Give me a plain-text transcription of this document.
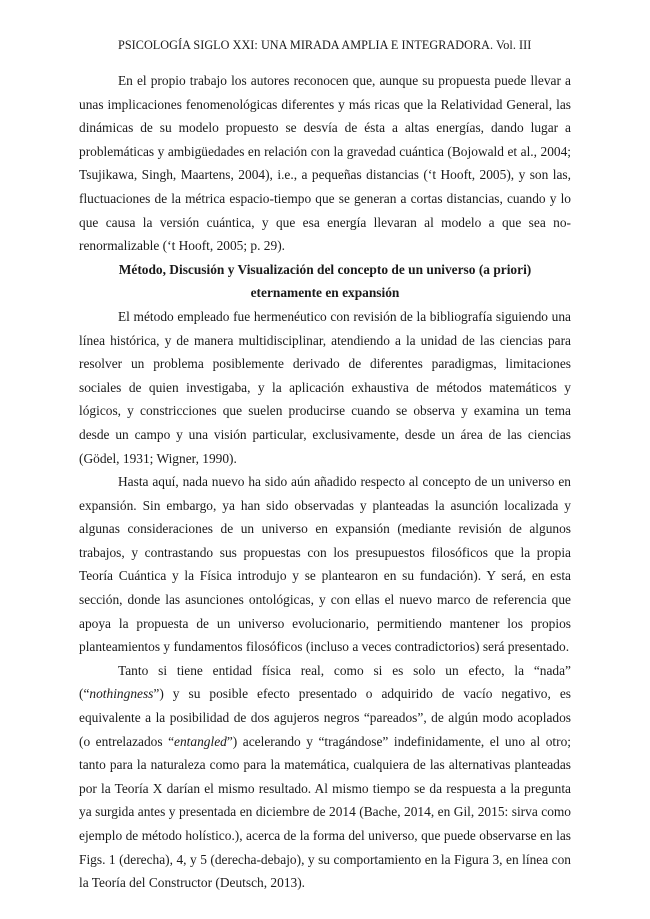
PSICOLOGÍA SIGLO XXI: UNA MIRADA AMPLIA E INTEGRADORA. Vol. III

En el propio trabajo los autores reconocen que, aunque su propuesta puede llevar a unas implicaciones fenomenológicas diferentes y más ricas que la Relatividad General, las dinámicas de su modelo propuesto se desvía de ésta a altas energías, dando lugar a problemáticas y ambigüedades en relación con la gravedad cuántica (Bojowald et al., 2004; Tsujikawa, Singh, Maartens, 2004), i.e., a pequeñas distancias (‘t Hooft, 2005), y son las, fluctuaciones de la métrica espacio-tiempo que se generan a cortas distancias, cuando y lo que causa la versión cuántica, y que esa energía llevaran al modelo a que sea no-renormalizable (‘t Hooft, 2005; p. 29).

Método, Discusión y Visualización del concepto de un universo (a priori)
eternamente en expansión

El método empleado fue hermenéutico con revisión de la bibliografía siguiendo una línea histórica, y de manera multidisciplinar, atendiendo a la unidad de las ciencias para resolver un problema posiblemente derivado de diferentes paradigmas, limitaciones sociales de quien investigaba, y la aplicación exhaustiva de métodos matemáticos y lógicos, y constricciones que suelen producirse cuando se observa y examina un tema desde un campo y una visión particular, exclusivamente, desde un área de las ciencias (Gödel, 1931; Wigner, 1990).

Hasta aquí, nada nuevo ha sido aún añadido respecto al concepto de un universo en expansión. Sin embargo, ya han sido observadas y planteadas la asunción localizada y algunas consideraciones de un universo en expansión (mediante revisión de algunos trabajos, y contrastando sus propuestas con los presupuestos filosóficos que la propia Teoría Cuántica y la Física introdujo y se plantearon en su fundación). Y será, en esta sección, donde las asunciones ontológicas, y con ellas el nuevo marco de referencia que apoya la propuesta de un universo evolucionario, permitiendo mantener los propios planteamientos y fundamentos filosóficos (incluso a veces contradictorios) será presentado.

Tanto si tiene entidad física real, como si es solo un efecto, la “nada” (“nothingness”) y su posible efecto presentado o adquirido de vacío negativo, es equivalente a la posibilidad de dos agujeros negros “pareados”, de algún modo acoplados (o entrelazados “entangled”) acelerando y “tragándose” indefinidamente, el uno al otro; tanto para la naturaleza como para la matemática, cualquiera de las alternativas planteadas por la Teoría X darían el mismo resultado. Al mismo tiempo se da respuesta a la pregunta ya surgida antes y presentada en diciembre de 2014 (Bache, 2014, en Gil, 2015: sirva como ejemplo de método holístico.), acerca de la forma del universo, que puede observarse en las Figs. 1 (derecha), 4, y 5 (derecha-debajo), y su comportamiento en la Figura 3, en línea con la Teoría del Constructor (Deutsch, 2013).
